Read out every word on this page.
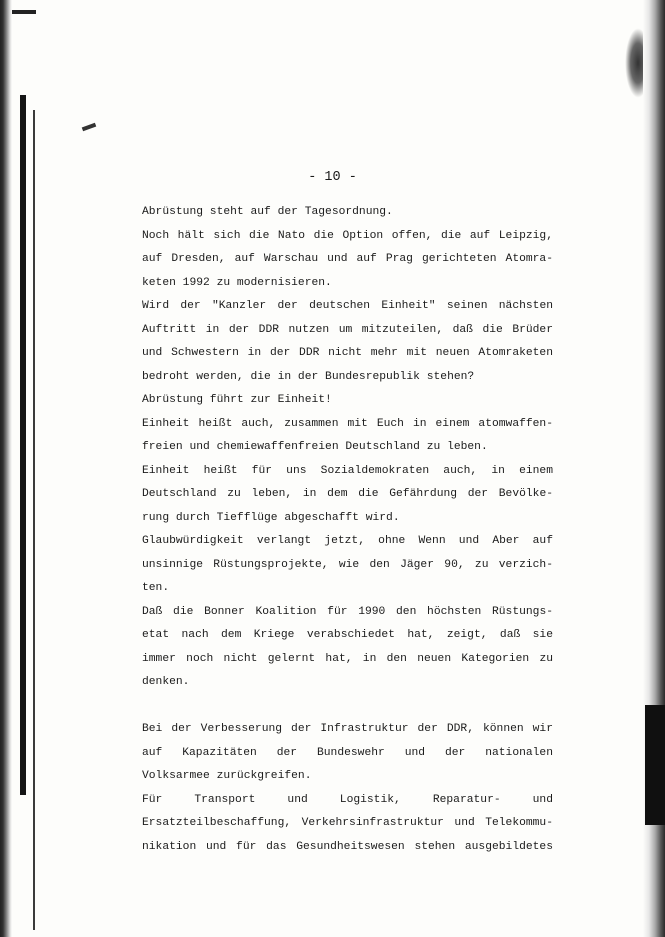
- 10 -
Abrüstung steht auf der Tagesordnung.
Noch hält sich die Nato die Option offen, die auf Leipzig,
auf Dresden, auf Warschau und auf Prag gerichteten Atomra-
keten 1992 zu modernisieren.
Wird der "Kanzler der deutschen Einheit" seinen nächsten
Auftritt in der DDR nutzen um mitzuteilen, daß die Brüder
und Schwestern in der DDR nicht mehr mit neuen Atomraketen
bedroht werden, die in der Bundesrepublik stehen?
Abrüstung führt zur Einheit!
Einheit heißt auch, zusammen mit Euch in einem atomwaffen-
freien und chemiewaffenfreien Deutschland zu leben.
Einheit heißt für uns Sozialdemokraten auch, in einem
Deutschland zu leben, in dem die Gefährdung der Bevölke-
rung durch Tiefflüge abgeschafft wird.
Glaubwürdigkeit verlangt jetzt, ohne Wenn und Aber auf
unsinnige Rüstungsprojekte, wie den Jäger 90, zu verzich-
ten.
Daß die Bonner Koalition für 1990 den höchsten Rüstungs-
etat nach dem Kriege verabschiedet hat, zeigt, daß sie
immer noch nicht gelernt hat, in den neuen Kategorien zu
denken.
Bei der Verbesserung der Infrastruktur der DDR, können wir
auf Kapazitäten der Bundeswehr und der nationalen
Volksarmee zurückgreifen.
Für Transport und Logistik, Reparatur- und
Ersatzteilbeschaffung, Verkehrsinfrastruktur und Telekommu-
nikation und für das Gesundheitswesen stehen ausgebildetes
